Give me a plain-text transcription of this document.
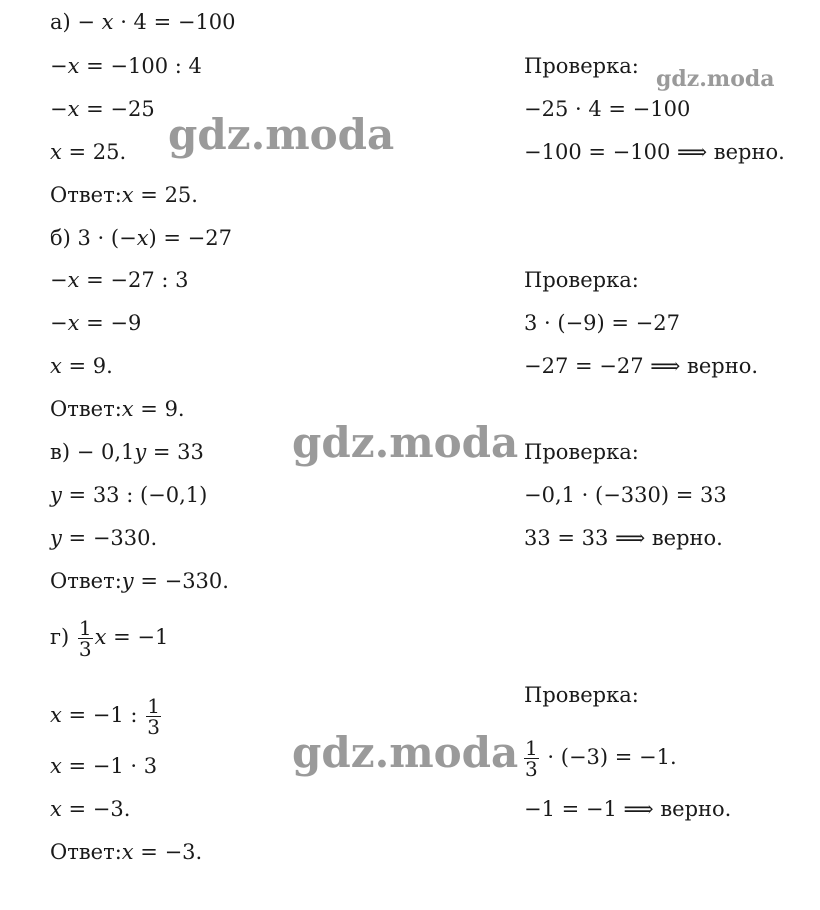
gdz.moda
gdz.moda
gdz.moda
gdz.moda
а) − x · 4 = −100
−x = −100 : 4
−x = −25
x = 25.
Ответ:x = 25.
Проверка:
−25 · 4 = −100
−100 = −100 ⟹ верно.
б) 3 · (−x) = −27
−x = −27 : 3
−x = −9
x = 9.
Ответ:x = 9.
Проверка:
3 · (−9) = −27
−27 = −27 ⟹ верно.
в) − 0,1y = 33
y = 33 : (−0,1)
y = −330.
Ответ:y = −330.
Проверка:
−0,1 · (−330) = 33
33 = 33 ⟹ верно.
$г) \frac{1}{3}$ x = −1
x = −1 : $\frac{1}{3}$
x = −1 · 3
x = −3.
Ответ:x = −3.
Проверка:
$\frac{1}{3} \cdot (-3) = -1$.
−1 = −1 ⟹ верно.
